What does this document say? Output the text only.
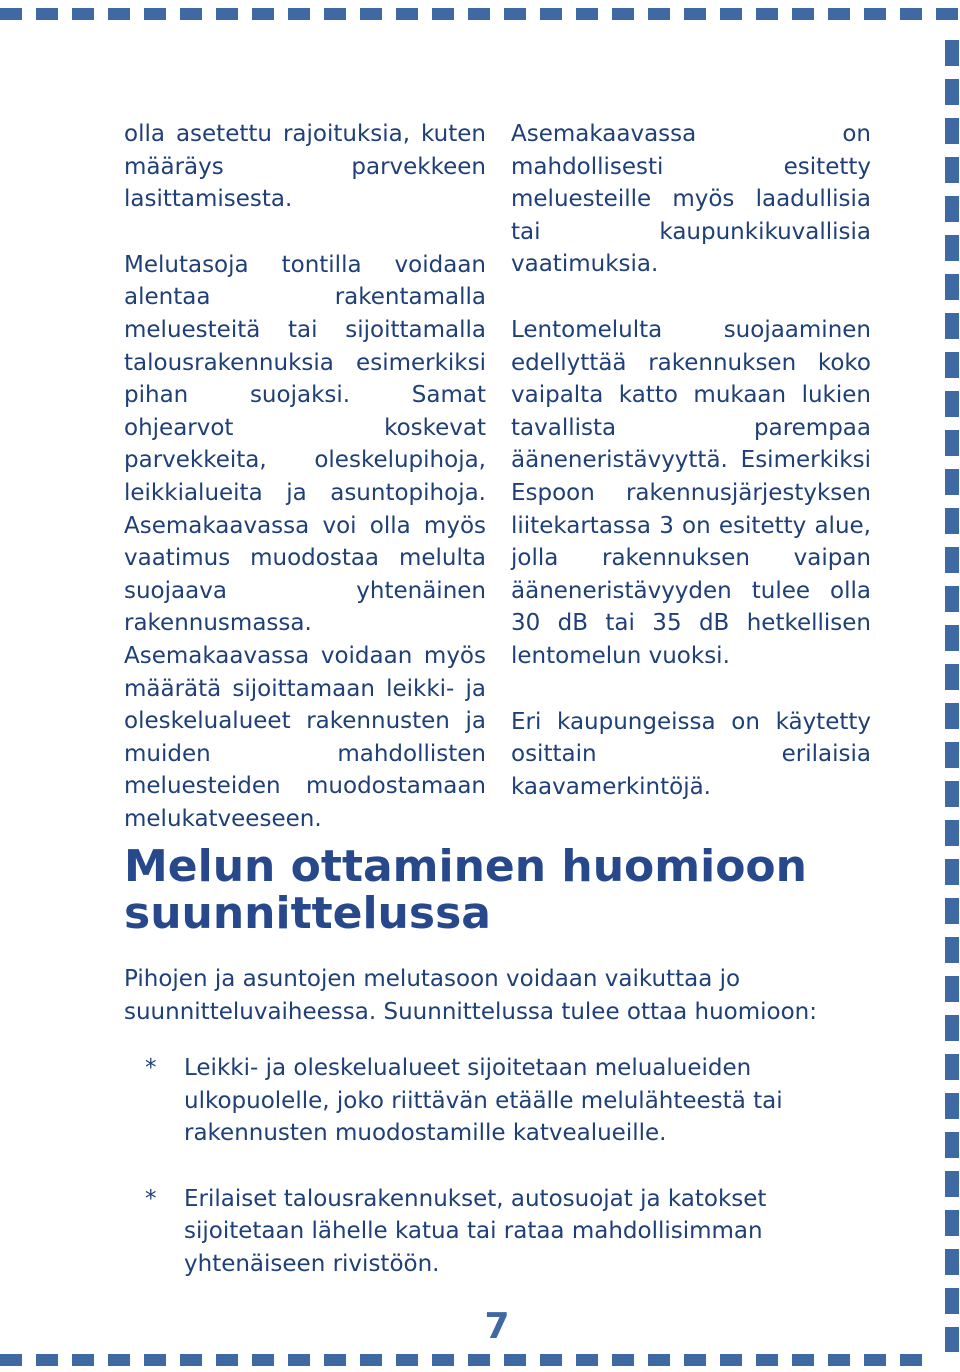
olla asetettu rajoituksia, kuten määräys parvekkeen lasittamisesta.

Melutasoja tontilla voidaan alentaa rakentamalla meluesteitä tai sijoittamalla talousrakennuksia esimerkiksi pihan suojaksi. Samat ohjearvot koskevat parvekkeita, oleskelupihoja, leikkialueita ja asuntopihoja. Asemakaavassa voi olla myös vaatimus muodostaa melulta suojaava yhtenäinen rakennusmassa. Asemakaavassa voidaan myös määrätä sijoittamaan leikki- ja oleskelualueet rakennusten ja muiden mahdollisten meluesteiden muodostamaan melukatveeseen.

Asemakaavassa on mahdollisesti esitetty meluesteille myös laadullisia tai kaupunkikuvallisia vaatimuksia.

Lentomelulta suojaaminen edellyttää rakennuksen koko vaipalta katto mukaan lukien tavallista parempaa ääneneristävyyttä. Esimerkiksi Espoon rakennusjärjestyksen liitekartassa 3 on esitetty alue, jolla rakennuksen vaipan ääneneristävyyden tulee olla 30 dB tai 35 dB hetkellisen lentomelun vuoksi.

Eri kaupungeissa on käytetty osittain erilaisia kaavamerkintöjä.

Melun ottaminen huomioon suunnittelussa

Pihojen ja asuntojen melutasoon voidaan vaikuttaa jo suunnitteluvaiheessa. Suunnittelussa tulee ottaa huomioon:

* Leikki- ja oleskelualueet sijoitetaan melualueiden ulkopuolelle, joko riittävän etäälle melulähteestä tai rakennusten muodostamille katvealueille.
* Erilaiset talousrakennukset, autosuojat ja katokset sijoitetaan lähelle katua tai rataa mahdollisimman yhtenäiseen rivistöön.
7
